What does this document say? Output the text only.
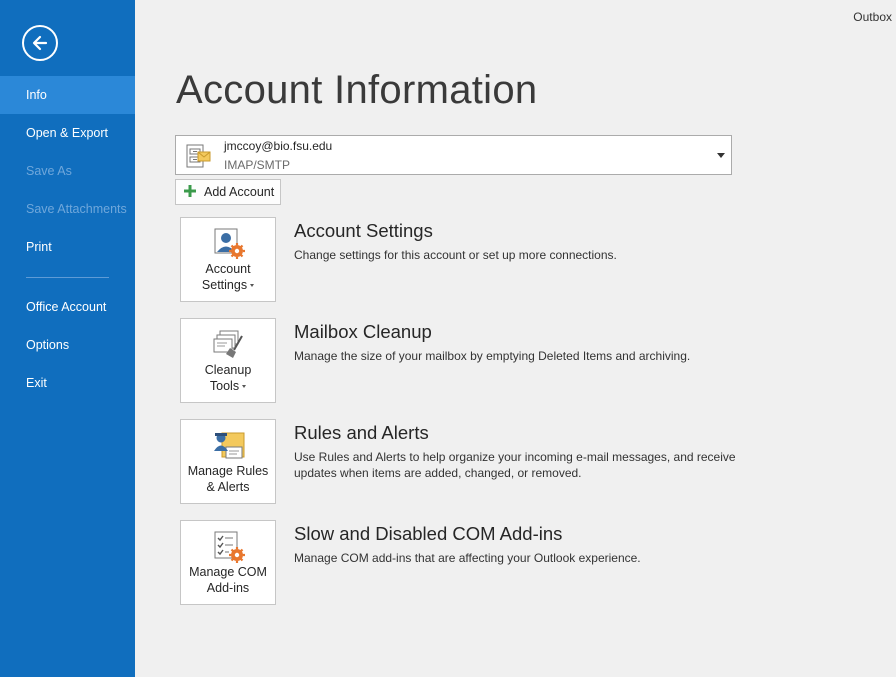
Info
Open & Export
Save As
Save Attachments
Print
Office Account
Options
Exit
Outbox
Account Information
jmccoy@bio.fsu.edu
IMAP/SMTP
Add Account
Account
Settings
Account Settings
Change settings for this account or set up more connections.
Cleanup
Tools
Mailbox Cleanup
Manage the size of your mailbox by emptying Deleted Items and archiving.
Manage Rules
& Alerts
Rules and Alerts
Use Rules and Alerts to help organize your incoming e-mail messages, and receive updates when items are added, changed, or removed.
Manage COM
Add-ins
Slow and Disabled COM Add-ins
Manage COM add-ins that are affecting your Outlook experience.
